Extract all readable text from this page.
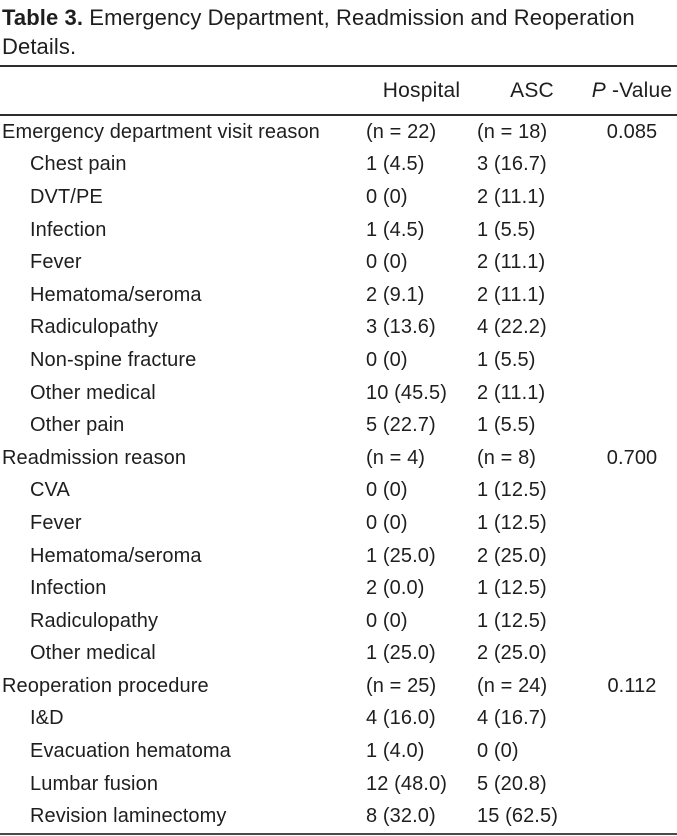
Table 3. Emergency Department, Readmission and Reoperation Details.
	Hospital	ASC	P -Value
Emergency department visit reason	(n = 22)	(n = 18)	0.085
Chest pain	1 (4.5)	3 (16.7)	
DVT/PE	0 (0)	2 (11.1)	
Infection	1 (4.5)	1 (5.5)	
Fever	0 (0)	2 (11.1)	
Hematoma/seroma	2 (9.1)	2 (11.1)	
Radiculopathy	3 (13.6)	4 (22.2)	
Non-spine fracture	0 (0)	1 (5.5)	
Other medical	10 (45.5)	2 (11.1)	
Other pain	5 (22.7)	1 (5.5)	
Readmission reason	(n = 4)	(n = 8)	0.700
CVA	0 (0)	1 (12.5)	
Fever	0 (0)	1 (12.5)	
Hematoma/seroma	1 (25.0)	2 (25.0)	
Infection	2 (0.0)	1 (12.5)	
Radiculopathy	0 (0)	1 (12.5)	
Other medical	1 (25.0)	2 (25.0)	
Reoperation procedure	(n = 25)	(n = 24)	0.112
I&D	4 (16.0)	4 (16.7)	
Evacuation hematoma	1 (4.0)	0 (0)	
Lumbar fusion	12 (48.0)	5 (20.8)	
Revision laminectomy	8 (32.0)	15 (62.5)	
